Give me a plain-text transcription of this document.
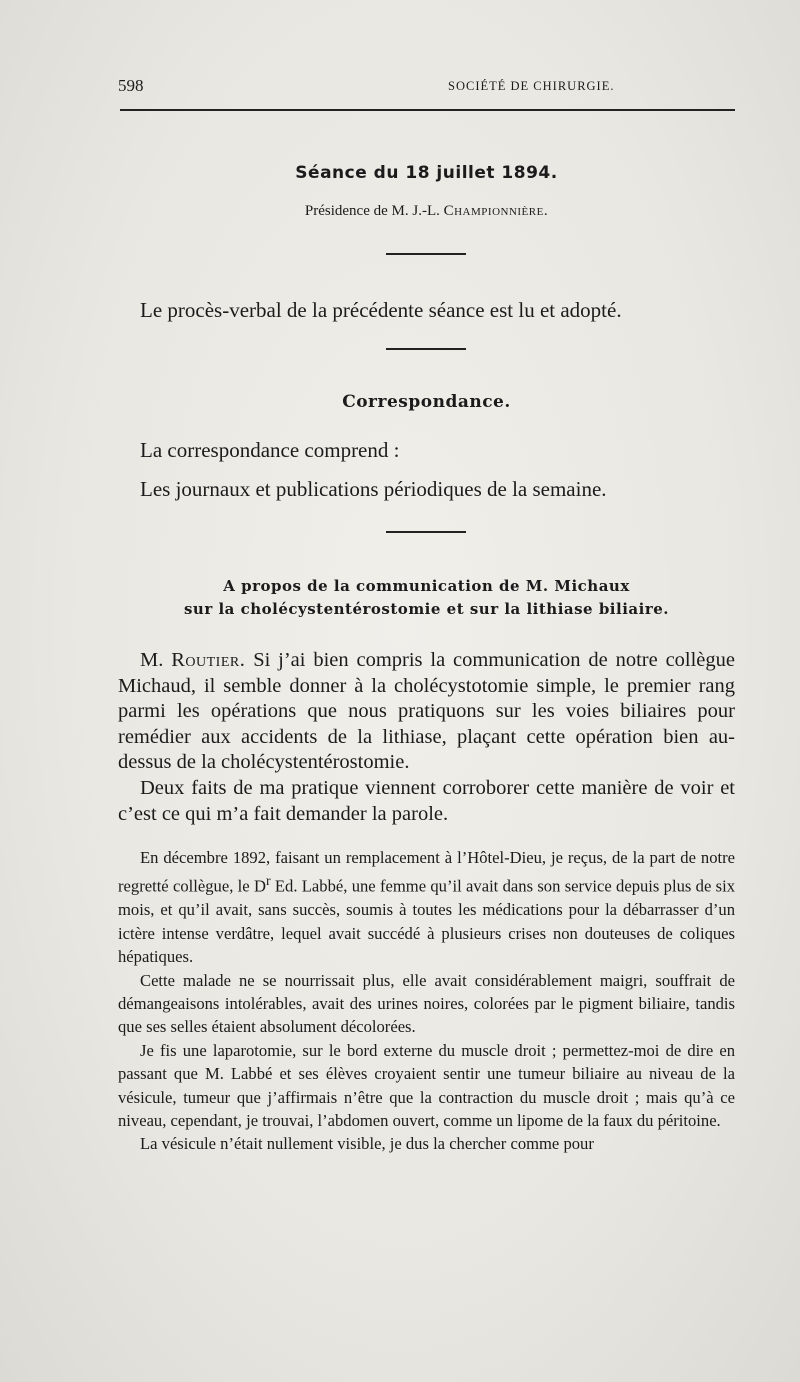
598	SOCIÉTÉ DE CHIRURGIE.
Séance du 18 juillet 1894.
Présidence de M. J.-L. Championnière.
Le procès-verbal de la précédente séance est lu et adopté.
Correspondance.
La correspondance comprend :
Les journaux et publications périodiques de la semaine.
A propos de la communication de M. Michaux
sur la cholécystentérostomie et sur la lithiase biliaire.

M. Routier. Si j’ai bien compris la communication de notre collègue Michaud, il semble donner à la cholécystotomie simple, le premier rang parmi les opérations que nous pratiquons sur les voies biliaires pour remédier aux accidents de la lithiase, plaçant cette opération bien au-dessus de la cholécystentérostomie.

Deux faits de ma pratique viennent corroborer cette manière de voir et c’est ce qui m’a fait demander la parole.

En décembre 1892, faisant un remplacement à l’Hôtel-Dieu, je reçus, de la part de notre regretté collègue, le $D^r$ Ed. Labbé, une femme qu’il avait dans son service depuis plus de six mois, et qu’il avait, sans succès, soumis à toutes les médications pour la débarrasser d’un ictère intense verdâtre, lequel avait succédé à plusieurs crises non douteuses de coliques hépatiques.

Cette malade ne se nourrissait plus, elle avait considérablement maigri, souffrait de démangeaisons intolérables, avait des urines noires, colorées par le pigment biliaire, tandis que ses selles étaient absolument décolorées.

Je fis une laparotomie, sur le bord externe du muscle droit ; permettez-moi de dire en passant que M. Labbé et ses élèves croyaient sentir une tumeur biliaire au niveau de la vésicule, tumeur que j’affirmais n’être que la contraction du muscle droit ; mais qu’à ce niveau, cependant, je trouvai, l’abdomen ouvert, comme un lipome de la faux du péritoine.

La vésicule n’était nullement visible, je dus la chercher comme pour
